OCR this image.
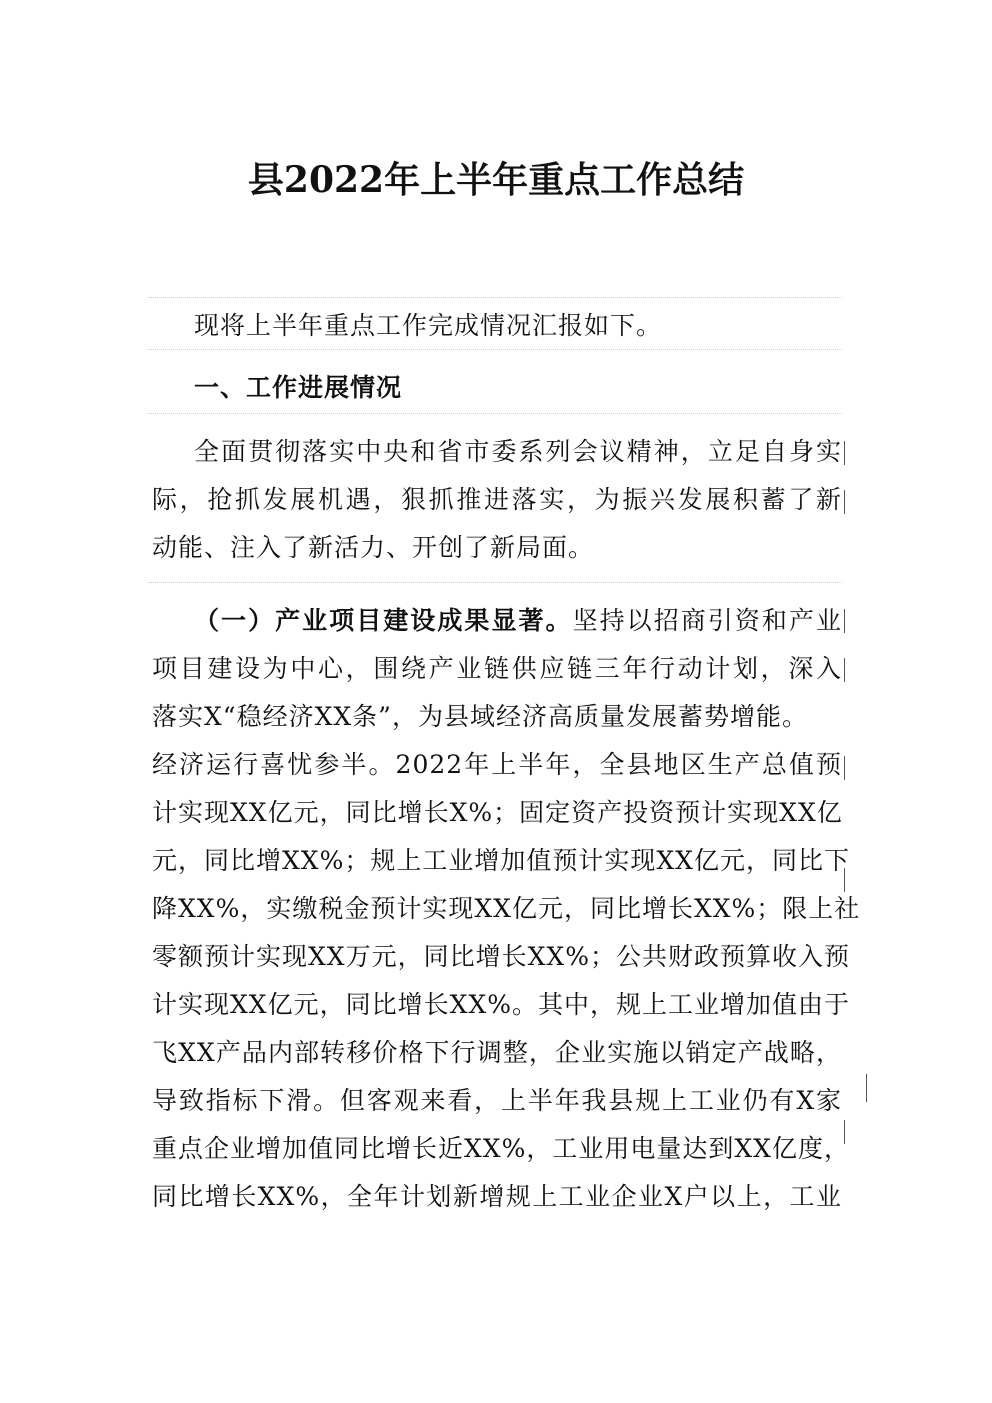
县2022年上半年重点工作总结
现将上半年重点工作完成情况汇报如下。
一、工作进展情况
全面贯彻落实中央和省市委系列会议精神，立足自身实
际，抢抓发展机遇，狠抓推进落实，为振兴发展积蓄了新
动能、注入了新活力、开创了新局面。
（一）产业项目建设成果显著。坚持以招商引资和产业
项目建设为中心，围绕产业链供应链三年行动计划，深入
落实X“稳经济XX条”，为县域经济高质量发展蓄势增能。
经济运行喜忧参半。2022年上半年，全县地区生产总值预
计实现XX亿元，同比增长X%；固定资产投资预计实现XX亿
元，同比增XX%；规上工业增加值预计实现XX亿元，同比下
降XX%，实缴税金预计实现XX亿元，同比增长XX%；限上社
零额预计实现XX万元，同比增长XX%；公共财政预算收入预
计实现XX亿元，同比增长XX%。其中，规上工业增加值由于
飞XX产品内部转移价格下行调整，企业实施以销定产战略，
导致指标下滑。但客观来看，上半年我县规上工业仍有X家
重点企业增加值同比增长近XX%，工业用电量达到XX亿度，
同比增长XX%，全年计划新增规上工业企业X户以上，工业
